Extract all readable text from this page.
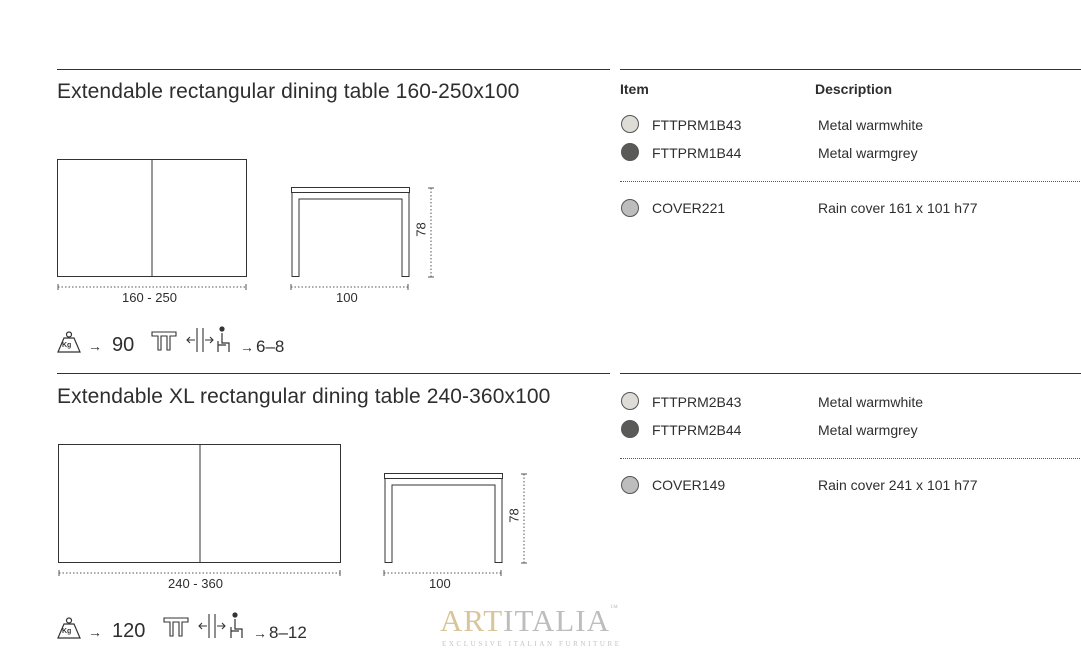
Extendable rectangular dining table 160-250x100
160 - 250	100
78
Kg → 90	→ 6–8
Item	Description
FTTPRM1B43	Metal warmwhite
FTTPRM1B44	Metal warmgrey
COVER221	Rain cover 161 x 101 h77
Extendable XL rectangular dining table 240-360x100
240 - 360	100
78
Kg → 120	→ 8–12
FTTPRM2B43	Metal warmwhite
FTTPRM2B44	Metal warmgrey
COVER149	Rain cover 241 x 101 h77
ARTITALIA™
EXCLUSIVE ITALIAN FURNITURE
